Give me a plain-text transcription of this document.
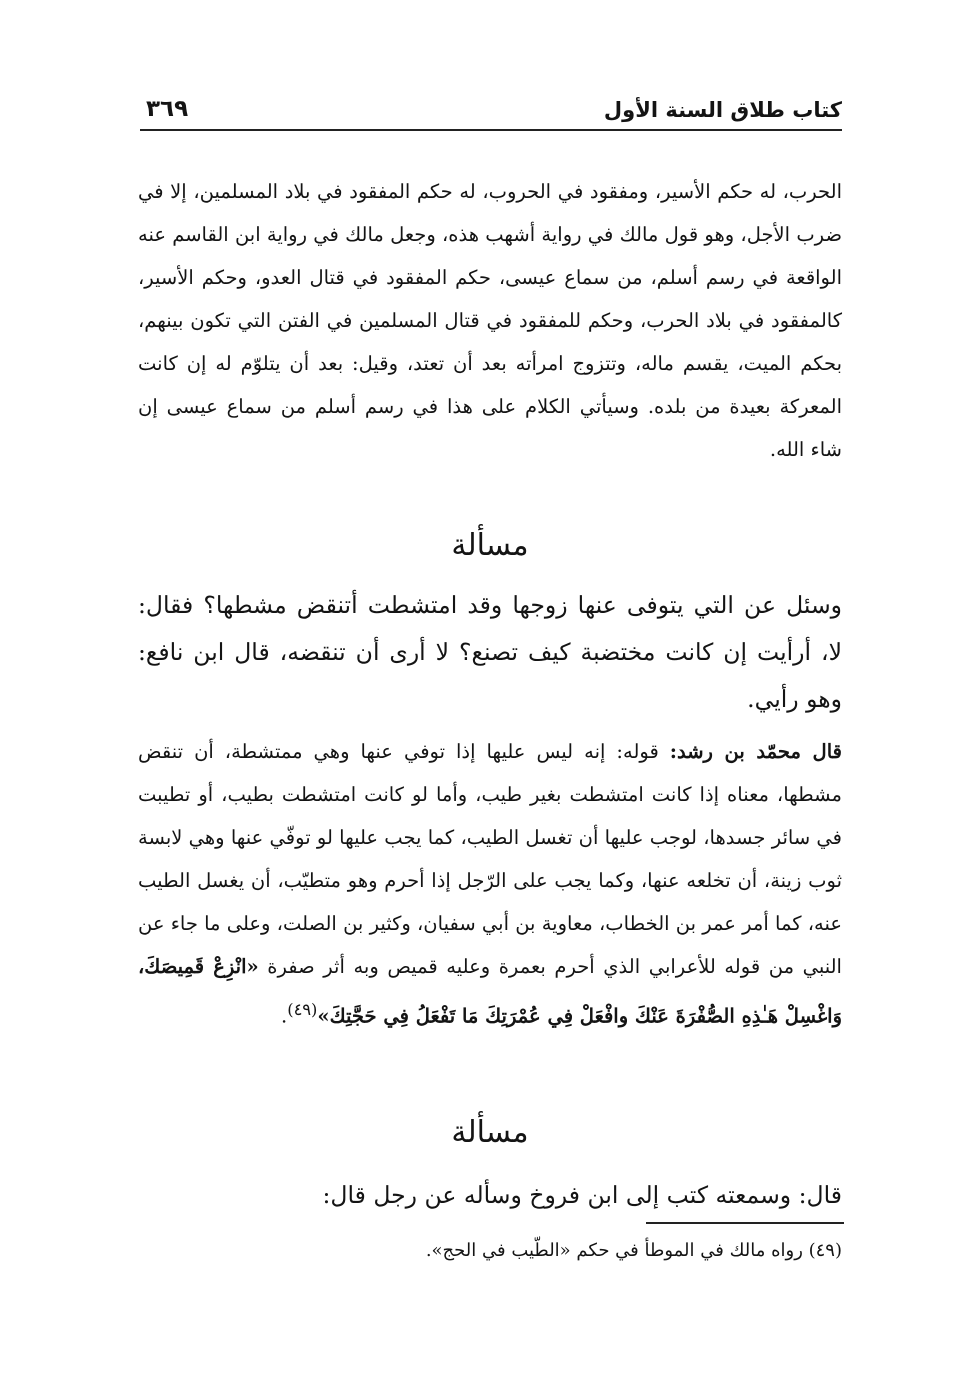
كتاب طلاق السنة الأول
٣٦٩

الحرب، له حكم الأسير، ومفقود في الحروب، له حكم المفقود في بلاد المسلمين، إلا في ضرب الأجل، وهو قول مالك في رواية أشهب هذه، وجعل مالك في رواية ابن القاسم عنه الواقعة في رسم أسلم، من سماع عيسى، حكم المفقود في قتال العدو، وحكم الأسير، كالمفقود في بلاد الحرب، وحكم للمفقود في قتال المسلمين في الفتن التي تكون بينهم، بحكم الميت، يقسم ماله، وتتزوج امرأته بعد أن تعتد، وقيل: بعد أن يتلوّم له إن كانت المعركة بعيدة من بلده. وسيأتي الكلام على هذا في رسم أسلم من سماع عيسى إن شاء الله.

مسألة

وسئل عن التي يتوفى عنها زوجها وقد امتشطت أتنقض مشطها؟ فقال: لا، أرأيت إن كانت مختضبة كيف تصنع؟ لا أرى أن تنقضه، قال ابن نافع: وهو رأيي.

قال محمّد بن رشد: قوله: إنه ليس عليها إذا توفي عنها وهي ممتشطة، أن تنقض مشطها، معناه إذا كانت امتشطت بغير طيب، وأما لو كانت امتشطت بطيب، أو تطيبت في سائر جسدها، لوجب عليها أن تغسل الطيب، كما يجب عليها لو توفّي عنها وهي لابسة ثوب زينة، أن تخلعه عنها، وكما يجب على الرّجل إذا أحرم وهو متطيّب، أن يغسل الطيب عنه، كما أمر عمر بن الخطاب، معاوية بن أبي سفيان، وكثير بن الصلت، وعلى ما جاء عن النبي من قوله للأعرابي الذي أحرم بعمرة وعليه قميص وبه أثر صفرة «انْزِعْ قَمِيصَكَ، وَاغْسِلْ هَـٰذِهِ الصُّفْرَةَ عَنْكَ وافْعَلْ فِي عُمْرَتِكَ مَا تَفْعَلُ فِي حَجَّتِكَ»$^{(٤٩)}$.

مسألة

قال: وسمعته كتب إلى ابن فروخ وسأله عن رجل قال:

(٤٩) رواه مالك في الموطأ في حكم «الطّيب في الحج».
